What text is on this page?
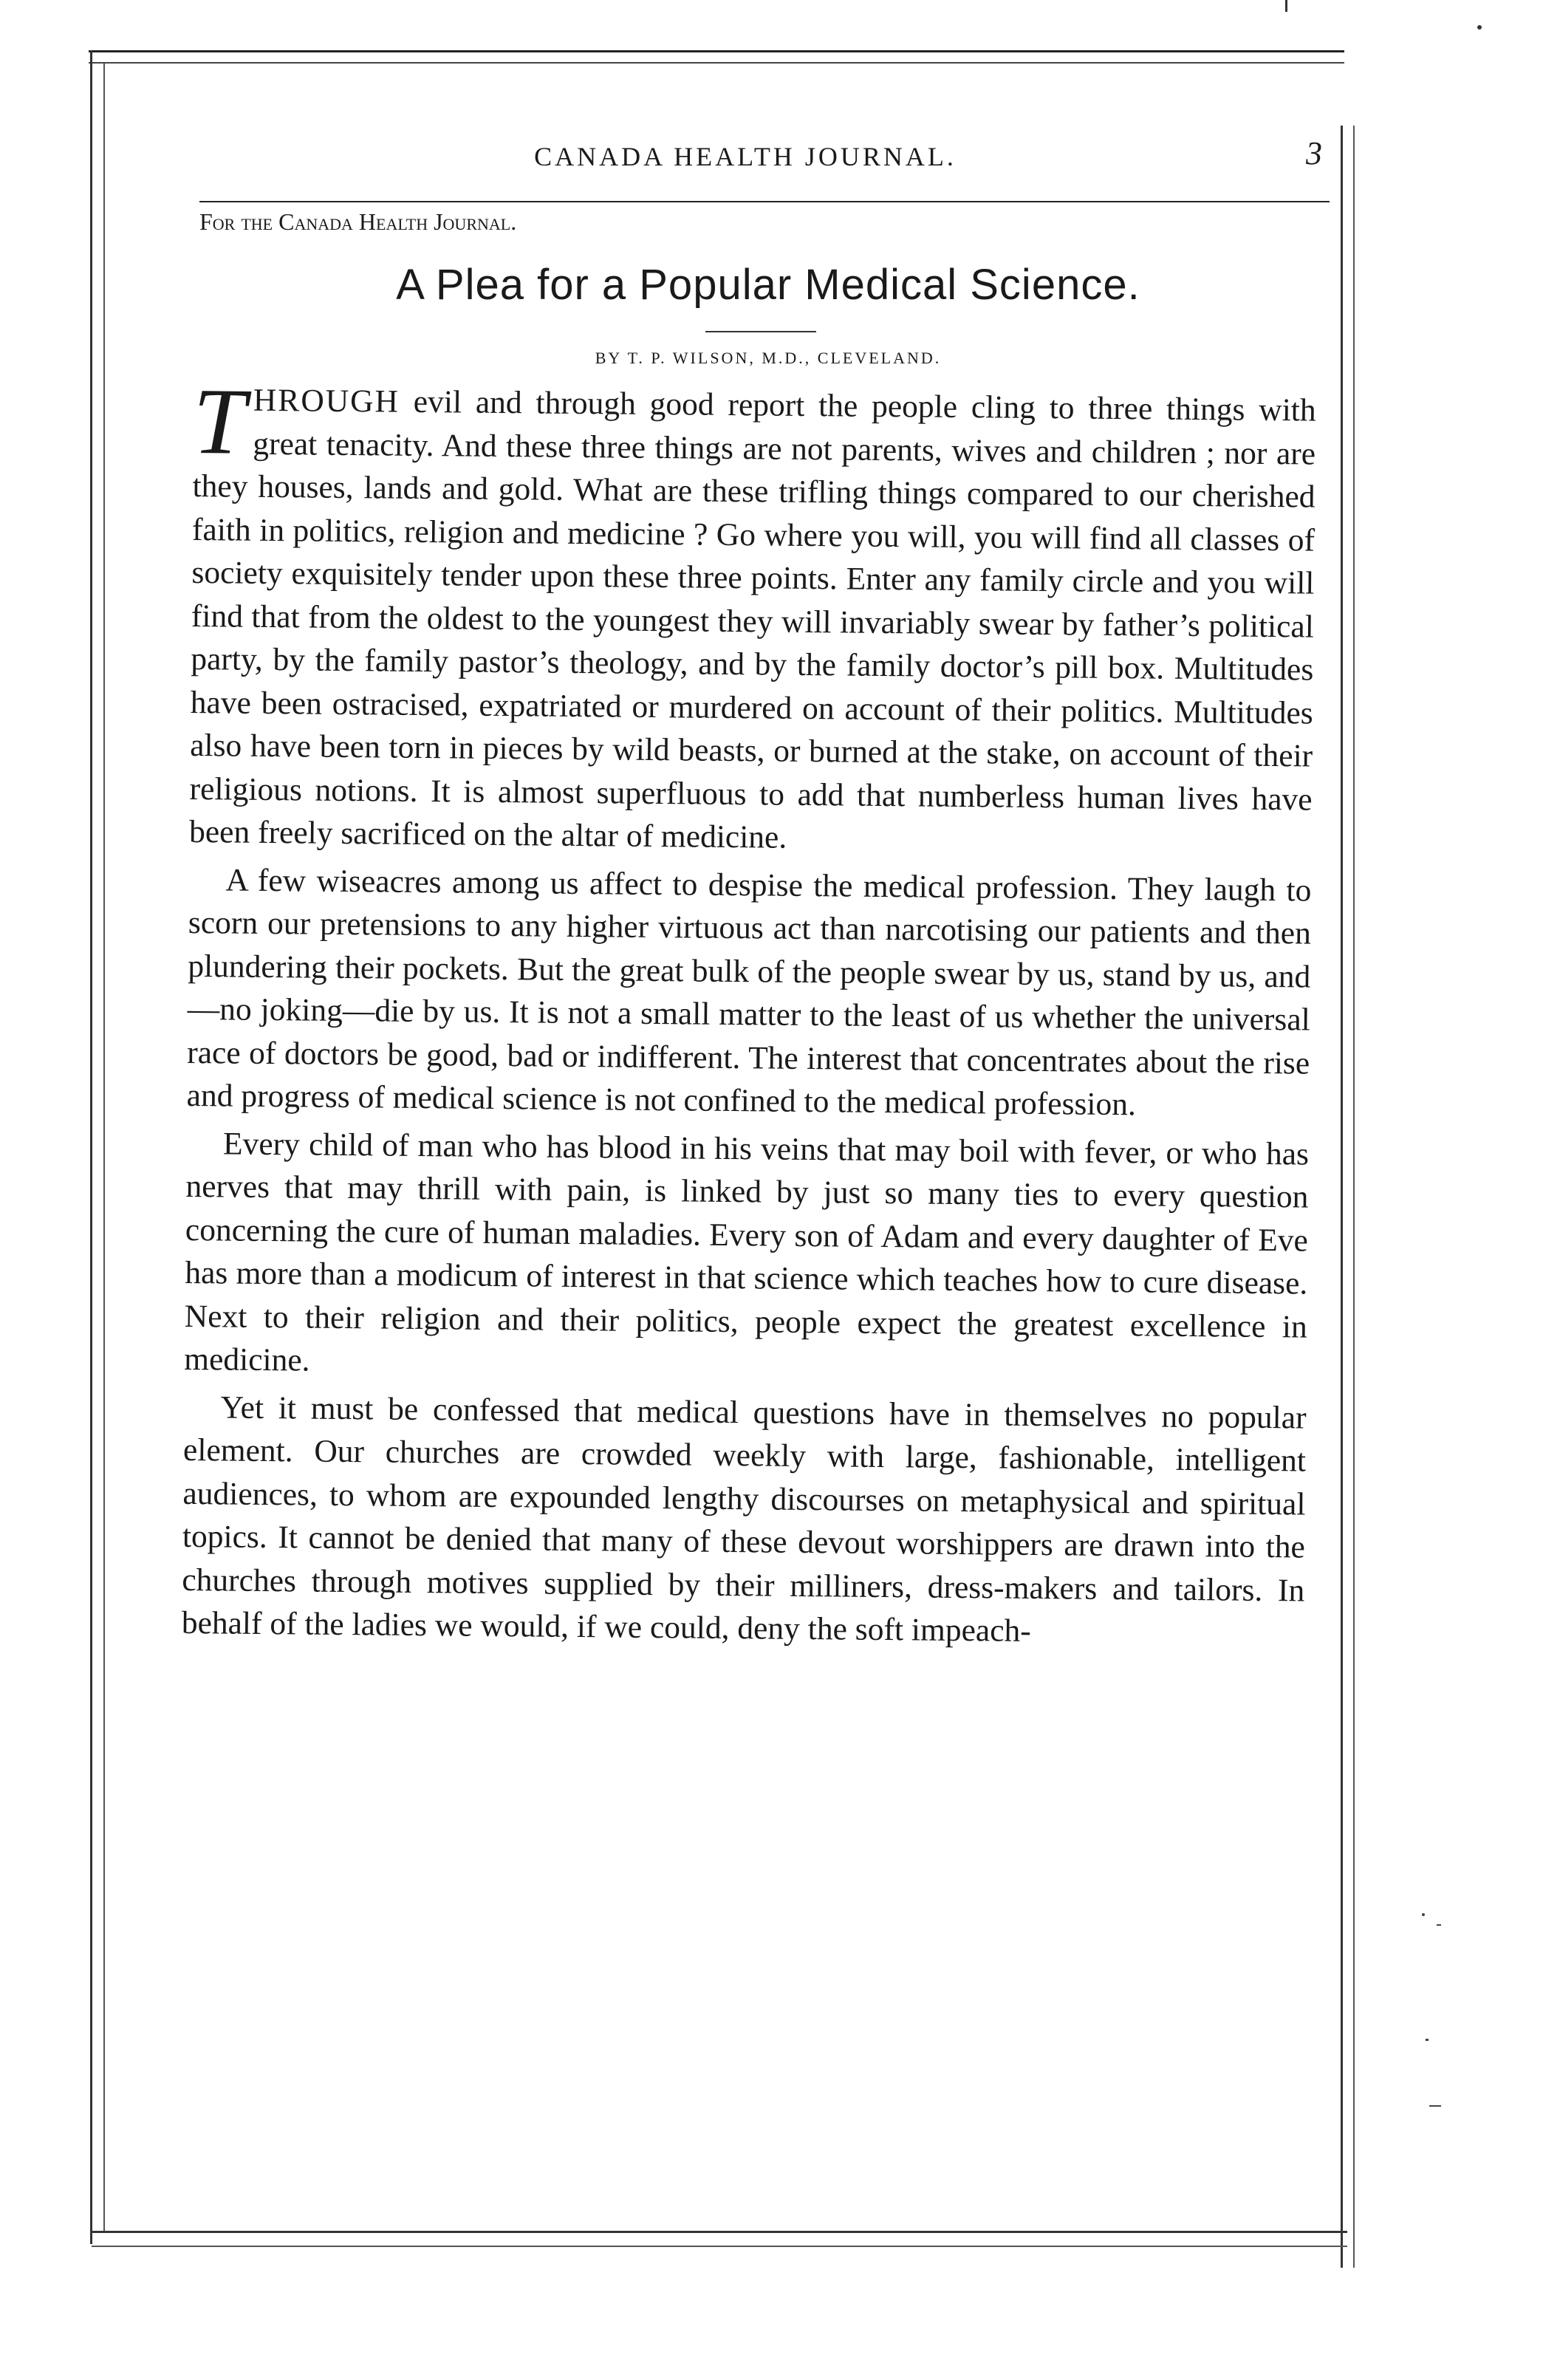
CANADA HEALTH JOURNAL.	3
For the Canada Health Journal.
A Plea for a Popular Medical Science.
BY T. P. WILSON, M.D., CLEVELAND.

THROUGH evil and through good report the people cling to three things with great tenacity. And these three things are not parents, wives and children ; nor are they houses, lands and gold. What are these trifling things compared to our cherished faith in politics, religion and medicine ? Go where you will, you will find all classes of society exquisitely tender upon these three points. Enter any family circle and you will find that from the oldest to the youngest they will invariably swear by father’s political party, by the family pastor’s theology, and by the family doctor’s pill box. Multitudes have been ostracised, expatriated or murdered on account of their politics. Multitudes also have been torn in pieces by wild beasts, or burned at the stake, on account of their religious notions. It is almost superfluous to add that numberless human lives have been freely sacrificed on the altar of medicine.

A few wiseacres among us affect to despise the medical profession. They laugh to scorn our pretensions to any higher virtuous act than narcotising our patients and then plundering their pockets. But the great bulk of the people swear by us, stand by us, and—no joking—die by us. It is not a small matter to the least of us whether the universal race of doctors be good, bad or indifferent. The interest that concentrates about the rise and progress of medical science is not confined to the medical profession.

Every child of man who has blood in his veins that may boil with fever, or who has nerves that may thrill with pain, is linked by just so many ties to every question concerning the cure of human maladies. Every son of Adam and every daughter of Eve has more than a modicum of interest in that science which teaches how to cure disease. Next to their religion and their politics, people expect the greatest excellence in medicine.

Yet it must be confessed that medical questions have in themselves no popular element. Our churches are crowded weekly with large, fashionable, intelligent audiences, to whom are expounded lengthy discourses on metaphysical and spiritual topics. It cannot be denied that many of these devout worshippers are drawn into the churches through motives supplied by their milliners, dress-makers and tailors. In behalf of the ladies we would, if we could, deny the soft impeach-
